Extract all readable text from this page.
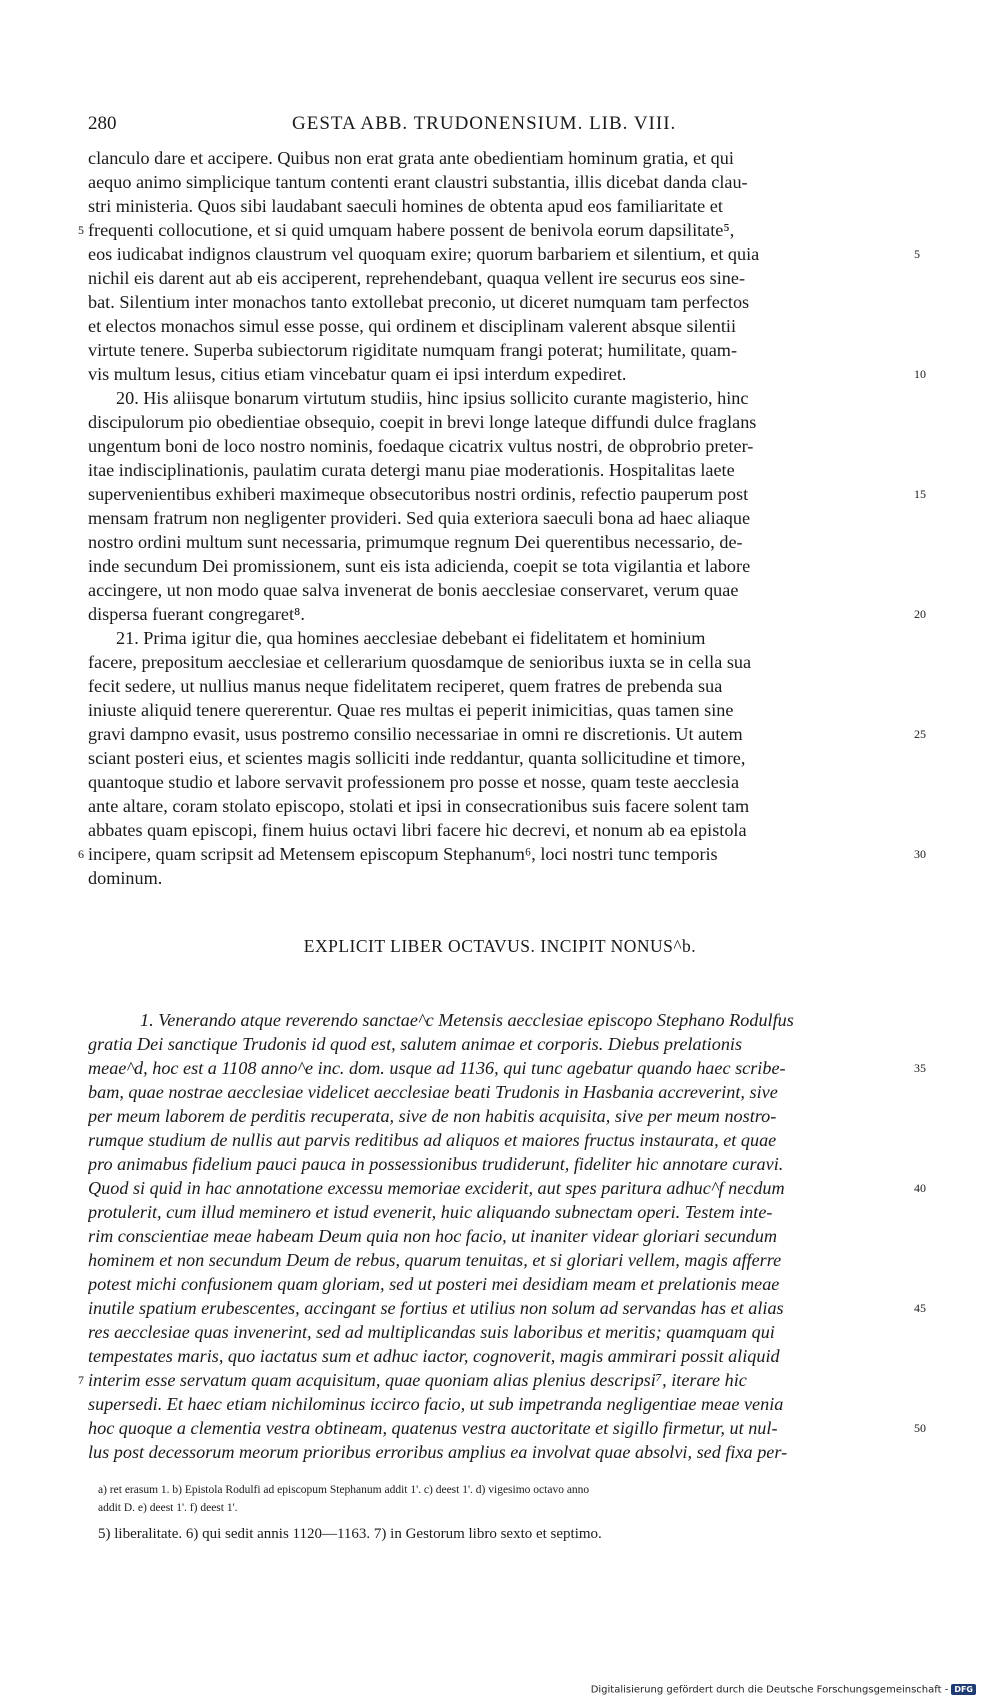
280	GESTA ABB. TRUDONENSIUM. LIB. VIII.
clanculo dare et accipere. Quibus non erat grata ante obedientiam hominum gratia, et qui
aequo animo simplicique tantum contenti erant claustri substantia, illis dicebat danda clau-
stri ministeria. Quos sibi laudabant saeculi homines de obtenta apud eos familiaritate et
frequenti collocutione, et si quid umquam habere possent de benivola eorum dapsilitate⁵,
eos iudicabat indignos claustrum vel quoquam exire; quorum barbariem et silentium, et quia
nichil eis darent aut ab eis acciperent, reprehendebant, quaqua vellent ire securus eos sine-
bat. Silentium inter monachos tanto extollebat preconio, ut diceret numquam tam perfectos
et electos monachos simul esse posse, qui ordinem et disciplinam valerent absque silentii
virtute tenere. Superba subiectorum rigiditate numquam frangi poterat; humilitate, quam-
vis multum lesus, citius etiam vincebatur quam ei ipsi interdum expediret.
20. His aliisque bonarum virtutum studiis, hinc ipsius sollicito curante magisterio, hinc
discipulorum pio obedientiae obsequio, coepit in brevi longe lateque diffundi dulce fraglans
ungentum boni de loco nostro nominis, foedaque cicatrix vultus nostri, de obprobrio preter-
itae indisciplinationis, paulatim curata detergi manu piae moderationis. Hospitalitas laete
supervenientibus exhiberi maximeque obsecutoribus nostri ordinis, refectio pauperum post
mensam fratrum non negligenter provideri. Sed quia exteriora saeculi bona ad haec aliaque
nostro ordini multum sunt necessaria, primumque regnum Dei querentibus necessario, de-
inde secundum Dei promissionem, sunt eis ista adicienda, coepit se tota vigilantia et labore
accingere, ut non modo quae salva invenerat de bonis aecclesiae conservaret, verum quae
dispersa fuerant congregaret⁸.
21. Prima igitur die, qua homines aecclesiae debebant ei fidelitatem et hominium
facere, prepositum aecclesiae et cellerarium quosdamque de senioribus iuxta se in cella sua
fecit sedere, ut nullius manus neque fidelitatem reciperet, quem fratres de prebenda sua
iniuste aliquid tenere quererentur. Quae res multas ei peperit inimicitias, quas tamen sine
gravi dampno evasit, usus postremo consilio necessariae in omni re discretionis. Ut autem
sciant posteri eius, et scientes magis solliciti inde reddantur, quanta sollicitudine et timore,
quantoque studio et labore servavit professionem pro posse et nosse, quam teste aecclesia
ante altare, coram stolato episcopo, stolati et ipsi in consecrationibus suis facere solent tam
abbates quam episcopi, finem huius octavi libri facere hic decrevi, et nonum ab ea epistola
incipere, quam scripsit ad Metensem episcopum Stephanum⁶, loci nostri tunc temporis
dominum.
EXPLICIT LIBER OCTAVUS. INCIPIT NONUS^b.
1. Venerando atque reverendo sanctae^c Metensis aecclesiae episcopo Stephano Rodulfus
gratia Dei sanctique Trudonis id quod est, salutem animae et corporis. Diebus prelationis
meae^d, hoc est a 1108 anno^e inc. dom. usque ad 1136, qui tunc agebatur quando haec scribe-
bam, quae nostrae aecclesiae videlicet aecclesiae beati Trudonis in Hasbania accreverint, sive
per meum laborem de perditis recuperata, sive de non habitis acquisita, sive per meum nostro-
rumque studium de nullis aut parvis reditibus ad aliquos et maiores fructus instaurata, et quae
pro animabus fidelium pauci pauca in possessionibus trudiderunt, fideliter hic annotare curavi.
Quod si quid in hac annotatione excessu memoriae exciderit, aut spes paritura adhuc^f necdum
protulerit, cum illud meminero et istud evenerit, huic aliquando subnectam operi. Testem inte-
rim conscientiae meae habeam Deum quia non hoc facio, ut inaniter videar gloriari secundum
hominem et non secundum Deum de rebus, quarum tenuitas, et si gloriari vellem, magis afferre
potest michi confusionem quam gloriam, sed ut posteri mei desidiam meam et prelationis meae
inutile spatium erubescentes, accingant se fortius et utilius non solum ad servandas has et alias
res aecclesiae quas invenerint, sed ad multiplicandas suis laboribus et meritis; quamquam qui
tempestates maris, quo iactatus sum et adhuc iactor, cognoverit, magis ammirari possit aliquid
interim esse servatum quam acquisitum, quae quoniam alias plenius descripsi⁷, iterare hic
supersedi. Et haec etiam nichilominus iccirco facio, ut sub impetranda negligentiae meae venia
hoc quoque a clementia vestra obtineam, quatenus vestra auctoritate et sigillo firmetur, ut nul-
lus post decessorum meorum prioribus erroribus amplius ea involvat quae absolvi, sed fixa per-
5
10
15
20
25
30
35
40
45
50
5
6
7
a) ret erasum 1. b) Epistola Rodulfi ad episcopum Stephanum addit 1'. c) deest 1'. d) vigesimo octavo anno
addit D. e) deest 1'. f) deest 1'.
5) liberalitate. 6) qui sedit annis 1120—1163. 7) in Gestorum libro sexto et septimo.
Digitalisierung gefördert durch die Deutsche Forschungsgemeinschaft - DFG
